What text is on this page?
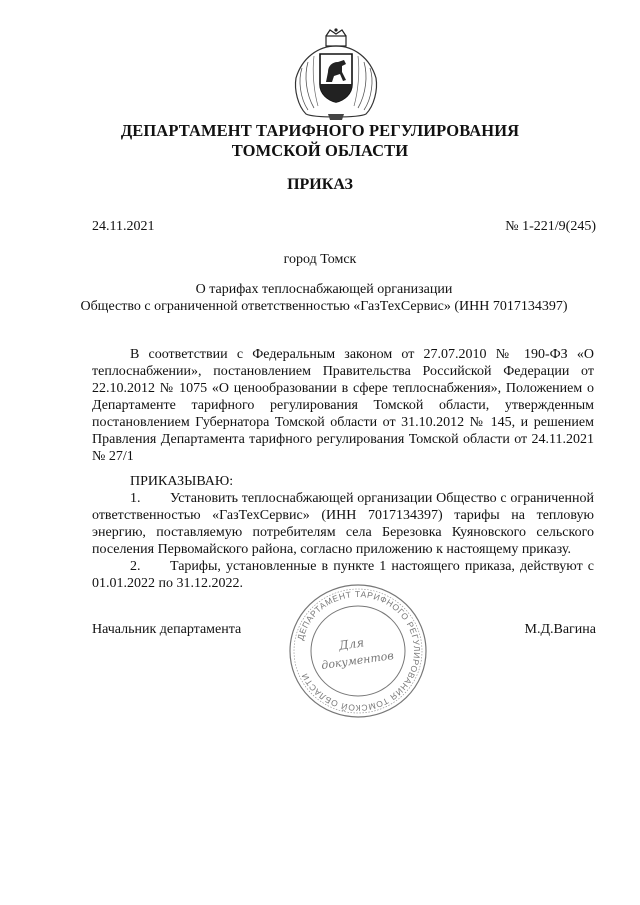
ДЕПАРТАМЕНТ ТАРИФНОГО РЕГУЛИРОВАНИЯ
ТОМСКОЙ ОБЛАСТИ
ПРИКАЗ
24.11.2021	№ 1-221/9(245)
город Томск
О тарифах теплоснабжающей организации
Общество с ограниченной ответственностью «ГазТехСервис» (ИНН 7017134397)
В соответствии с Федеральным законом от 27.07.2010 № 190-ФЗ «О теплоснабжении», постановлением Правительства Российской Федерации от 22.10.2012 № 1075 «О ценообразовании в сфере теплоснабжения», Положением о Департаменте тарифного регулирования Томской области, утвержденным постановлением Губернатора Томской области от 31.10.2012 № 145, и решением Правления Департамента тарифного регулирования Томской области от 24.11.2021 № 27/1
ПРИКАЗЫВАЮ:
1. Установить теплоснабжающей организации Общество с ограниченной ответственностью «ГазТехСервис» (ИНН 7017134397) тарифы на тепловую энергию, поставляемую потребителям села Березовка Куяновского сельского поселения Первомайского района, согласно приложению к настоящему приказу.
2. Тарифы, установленные в пункте 1 настоящего приказа, действуют с 01.01.2022 по 31.12.2022.
Начальник департамента	М.Д.Вагина
ДЕПАРТАМЕНТ ТАРИФНОГО РЕГУЛИРОВАНИЯ ТОМСКОЙ ОБЛАСТИ
Для
документов
